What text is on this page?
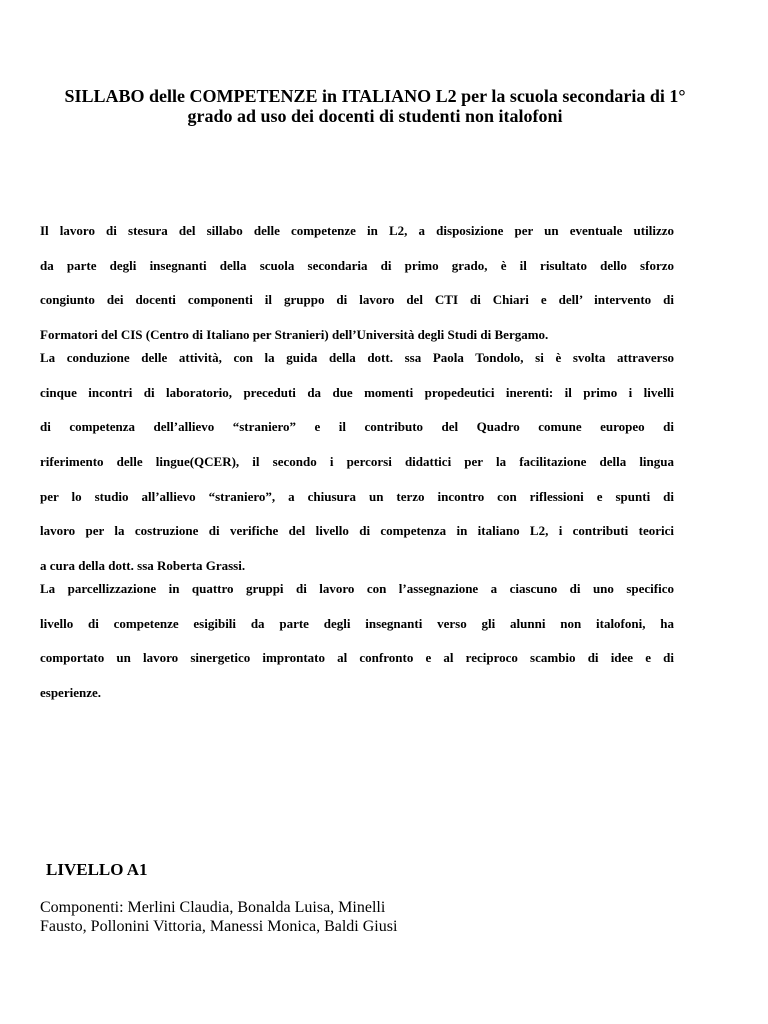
SILLABO delle COMPETENZE in ITALIANO L2 per la scuola secondaria di 1°
grado ad uso dei docenti di studenti non italofoni
Il lavoro di stesura del sillabo delle competenze in L2, a disposizione per un eventuale utilizzo
da parte degli insegnanti della scuola secondaria di primo grado, è il risultato dello sforzo
congiunto dei docenti componenti il gruppo di lavoro del CTI di Chiari e dell’ intervento di
Formatori del CIS (Centro di Italiano per Stranieri) dell’Università degli Studi di Bergamo.
La conduzione delle attività, con la guida della dott. ssa Paola Tondolo, si è svolta attraverso
cinque incontri di laboratorio, preceduti da due momenti propedeutici inerenti: il primo i livelli
di competenza dell’allievo “straniero” e il contributo del Quadro comune europeo di
riferimento delle lingue(QCER), il secondo i percorsi didattici per la facilitazione della lingua
per lo studio all’allievo “straniero”, a chiusura un terzo incontro con riflessioni e spunti di
lavoro per la costruzione di verifiche del livello di competenza in italiano L2, i contributi teorici
a cura della dott. ssa Roberta Grassi.
La parcellizzazione in quattro gruppi di lavoro con l’assegnazione a ciascuno di uno specifico
livello di competenze esigibili da parte degli insegnanti verso gli alunni non italofoni, ha
comportato un lavoro sinergetico improntato al confronto e al reciproco scambio di idee e di
esperienze.
LIVELLO A1
Componenti: Merlini Claudia, Bonalda Luisa, Minelli
Fausto, Pollonini Vittoria, Manessi Monica, Baldi Giusi
